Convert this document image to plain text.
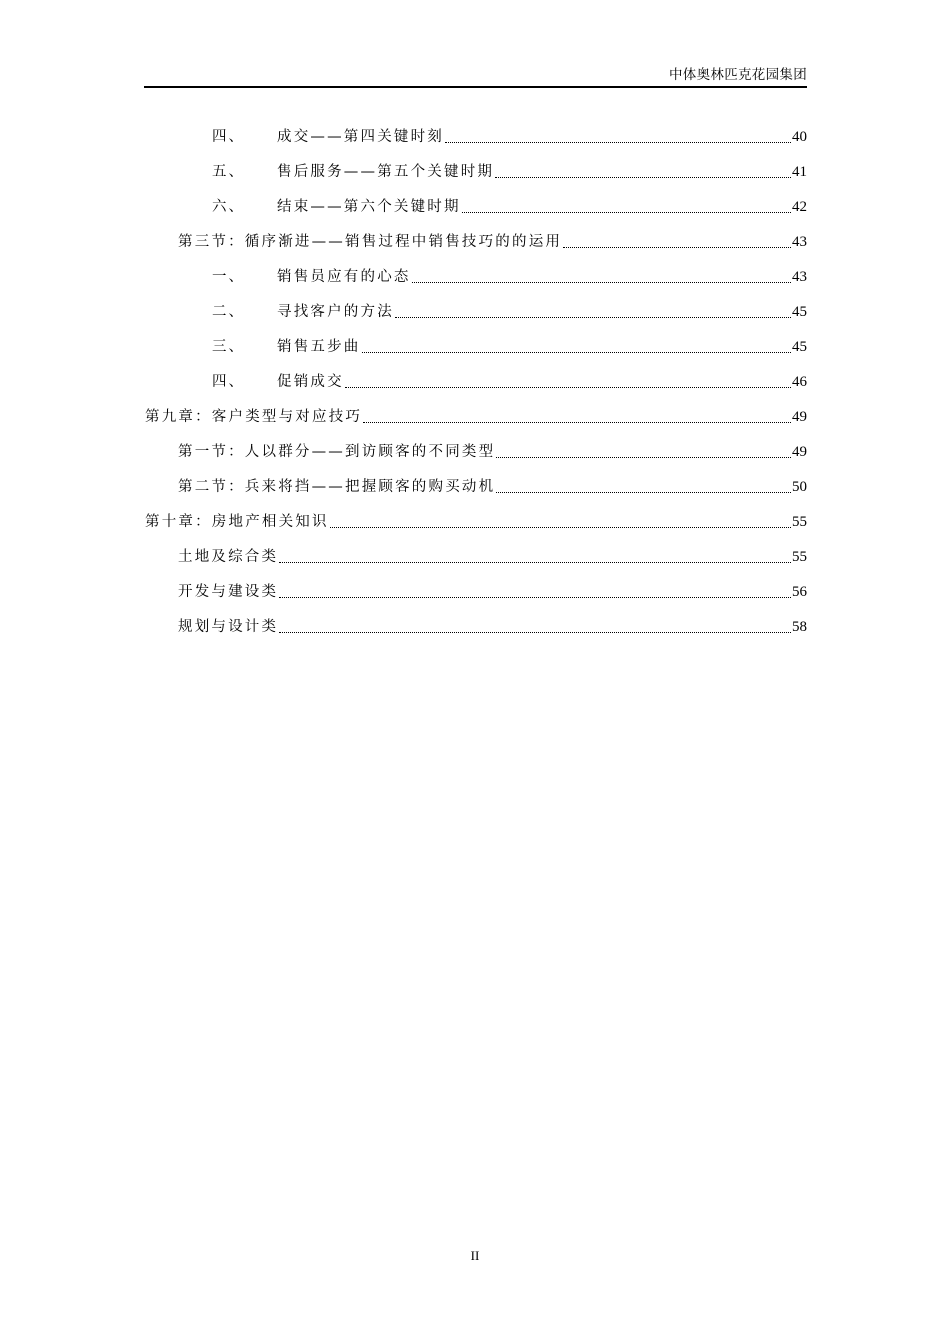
中体奥林匹克花园集团
四、	成交——第四关键时刻	40
五、	售后服务——第五个关键时期	41
六、	结束——第六个关键时期	42
第三节：循序渐进——销售过程中销售技巧的的运用	43
一、	销售员应有的心态	43
二、	寻找客户的方法	45
三、	销售五步曲	45
四、	促销成交	46
第九章：客户类型与对应技巧	49
第一节：人以群分——到访顾客的不同类型	49
第二节：兵来将挡——把握顾客的购买动机	50
第十章：房地产相关知识	55
土地及综合类	55
开发与建设类	56
规划与设计类	58
II
